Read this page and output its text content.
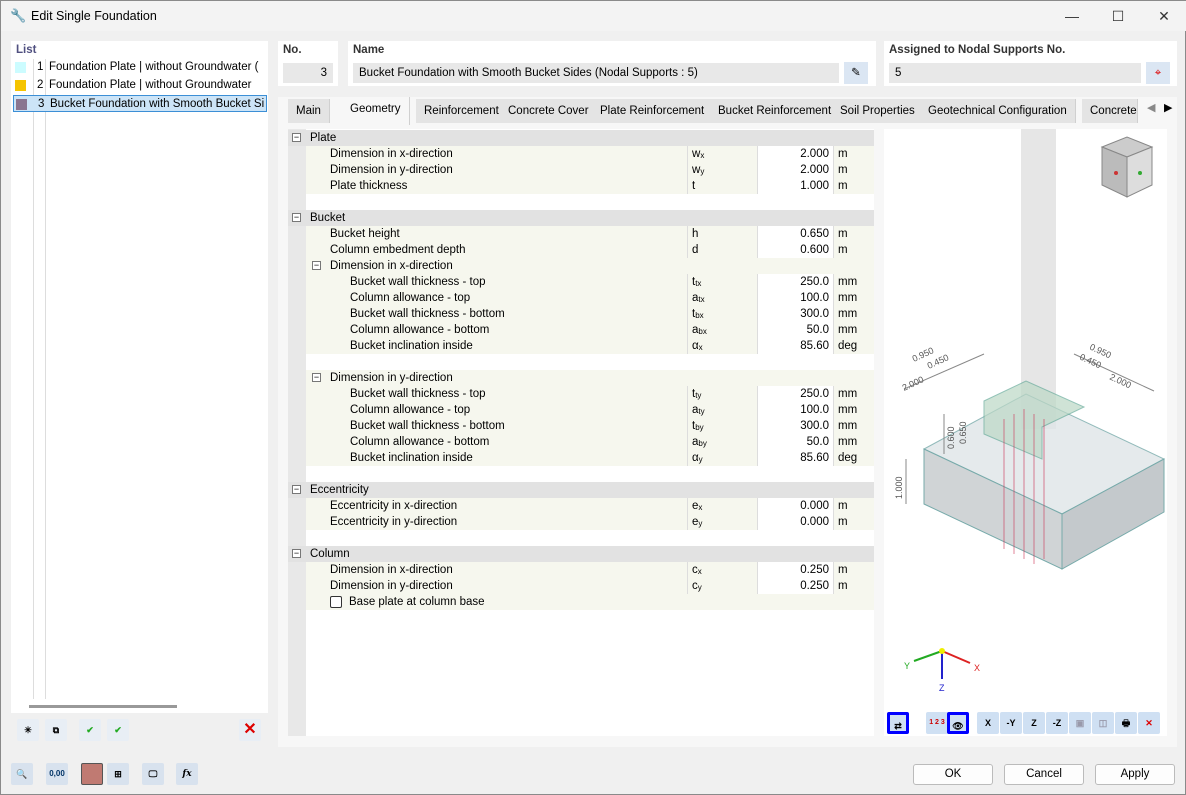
🔧 Edit Single Foundation	—	☐	✕
List
1 Foundation Plate | without Groundwater (
2 Foundation Plate | without Groundwater
3 Bucket Foundation with Smooth Bucket Si
✳	⧉	✔	✔	✕
No.
3
Name
Bucket Foundation with Smooth Bucket Sides (Nodal Supports : 5)	✎
Assigned to Nodal Supports No.
5	⌖
Main	Geometry	Reinforcement Concrete Cover Plate Reinforcement	Bucket Reinforcement Soil Properties	Geotechnical Configuration	Concrete ◀ ▶
− Plate
Dimension in x-direction	$w_x$	2.000 m
Dimension in y-direction	$w_y$	2.000 m
Plate thickness	t	1.000 m
− Bucket
Bucket height	h	0.650 m
Column embedment depth	d	0.600 m
− Dimension in x-direction
Bucket wall thickness - top	$t_{tx}$	250.0 mm
Column allowance - top	$a_{tx}$	100.0 mm
Bucket wall thickness - bottom	$t_{bx}$	300.0 mm
Column allowance - bottom	$a_{bx}$	50.0 mm
Bucket inclination inside	$\alpha_x$	85.60 deg
− Dimension in y-direction
Bucket wall thickness - top	$t_{ty}$	250.0 mm
Column allowance - top	$a_{ty}$	100.0 mm
Bucket wall thickness - bottom	$t_{by}$	300.0 mm
Column allowance - bottom	$a_{by}$	50.0 mm
Bucket inclination inside	$\alpha_y$	85.60 deg
− Eccentricity
Eccentricity in x-direction	$e_x$	0.000 m
Eccentricity in y-direction	$e_y$	0.000 m
− Column
Dimension in x-direction	$c_x$	0.250 m
Dimension in y-direction	$c_y$	0.250 m
Base plate at column base
0.950
0.450
2.000
0.950
0.450
2.000
0.600 0.650
1.000
X
Y
Z
⇄	1 2 3 👁	X	-Y	Z	-Z	▣	◫	🖶	✕
🔍	0,00	⊞	🖵	fx	OK	Cancel	Apply
